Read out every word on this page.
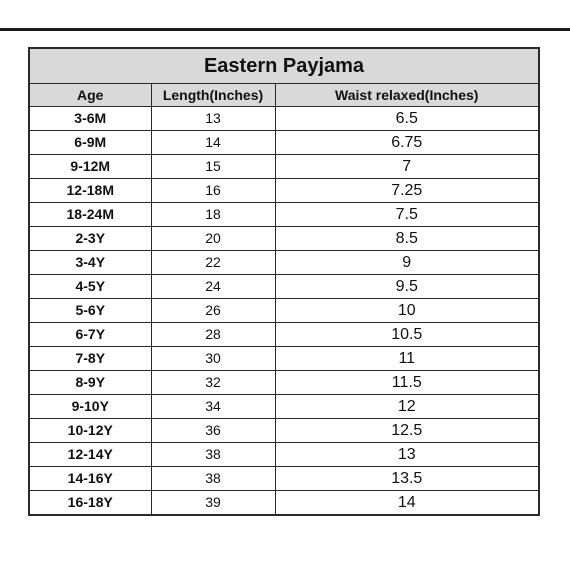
Eastern Payjama		
Age	Length(Inches)	Waist relaxed(Inches)
3-6M	13	6.5
6-9M	14	6.75
9-12M	15	7
12-18M	16	7.25
18-24M	18	7.5
2-3Y	20	8.5
3-4Y	22	9
4-5Y	24	9.5
5-6Y	26	10
6-7Y	28	10.5
7-8Y	30	11
8-9Y	32	11.5
9-10Y	34	12
10-12Y	36	12.5
12-14Y	38	13
14-16Y	38	13.5
16-18Y	39	14
